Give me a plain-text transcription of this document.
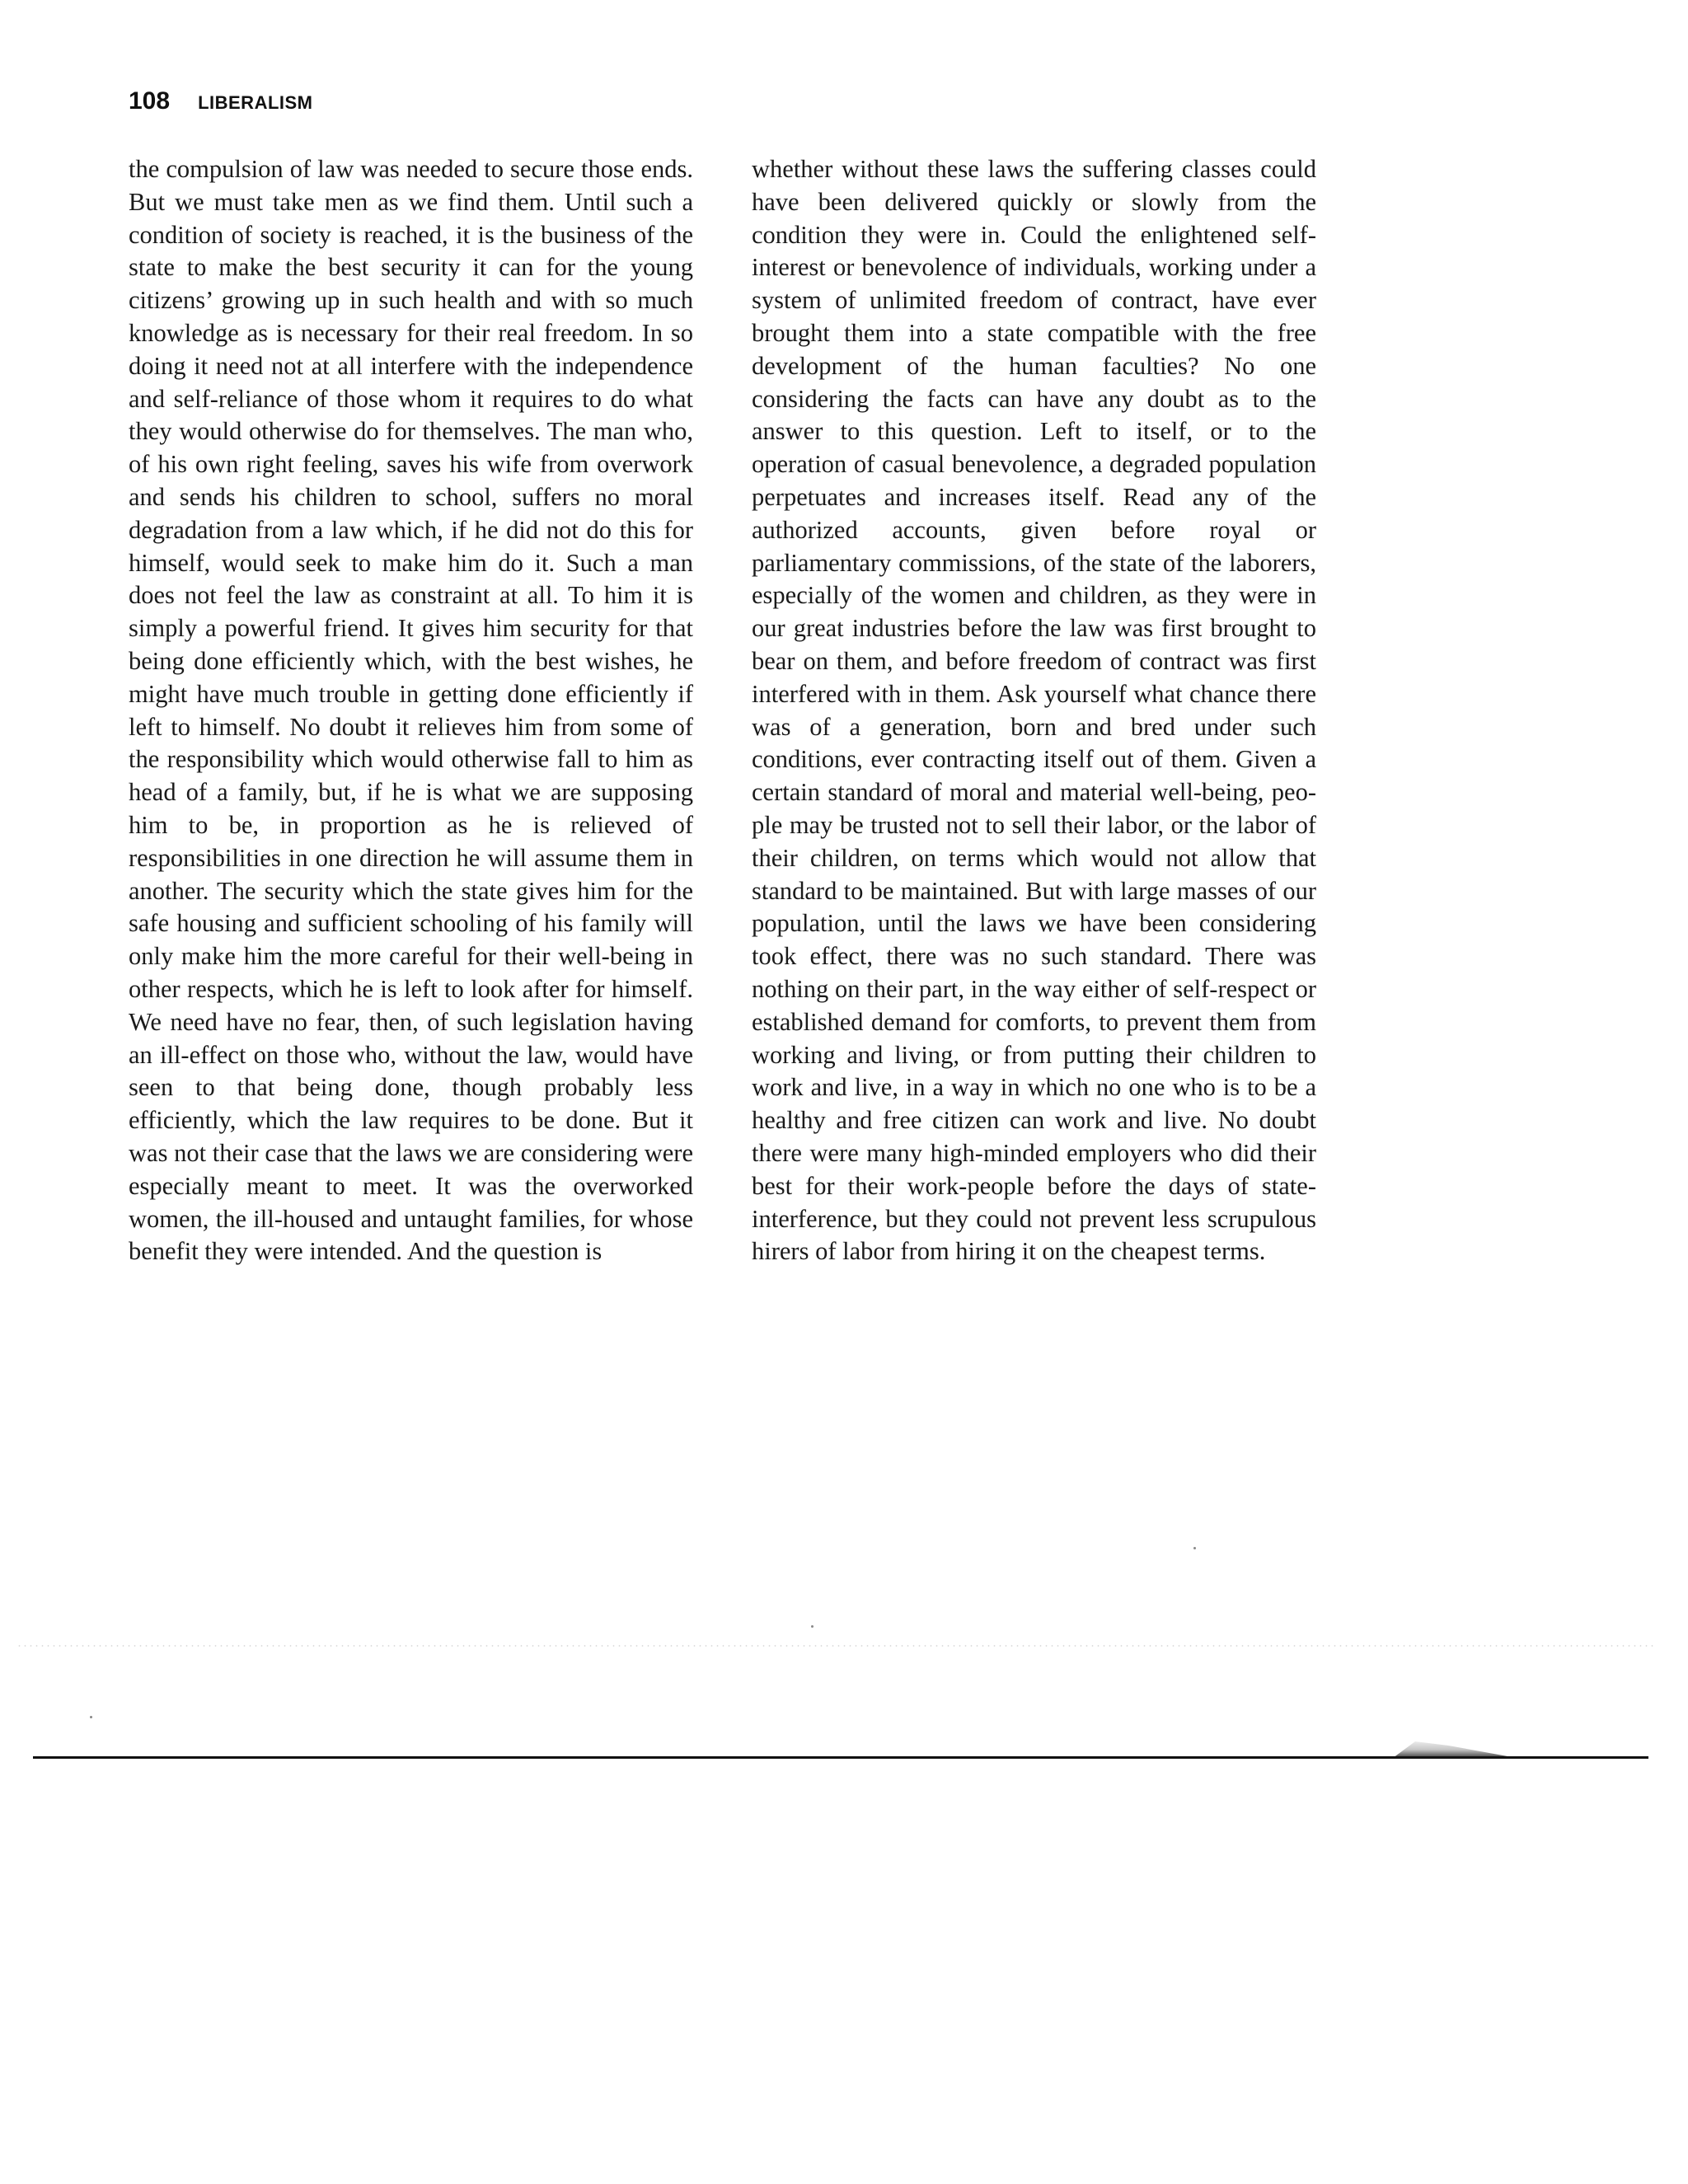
108 LIBERALISM

the compulsion of law was needed to secure those ends. But we must take men as we find them. Until such a condition of society is reached, it is the business of the state to make the best security it can for the young citizens’ growing up in such health and with so much knowledge as is necessary for their real freedom. In so doing it need not at all interfere with the independence and self-reliance of those whom it requires to do what they would otherwise do for themselves. The man who, of his own right feeling, saves his wife from overwork and sends his children to school, suffers no moral degradation from a law which, if he did not do this for himself, would seek to make him do it. Such a man does not feel the law as constraint at all. To him it is simply a powerful friend. It gives him security for that being done efficiently which, with the best wishes, he might have much trouble in getting done efficiently if left to himself. No doubt it relieves him from some of the responsibility which would otherwise fall to him as head of a family, but, if he is what we are supposing him to be, in proportion as he is relieved of responsibilities in one direction he will assume them in another. The security which the state gives him for the safe housing and sufficient schooling of his family will only make him the more careful for their well-being in other respects, which he is left to look after for himself. We need have no fear, then, of such legislation having an ill-effect on those who, without the law, would have seen to that being done, though probably less efficiently, which the law requires to be done. But it was not their case that the laws we are considering were especially meant to meet. It was the overworked women, the ill-housed and untaught families, for whose benefit they were intended. And the question is

whether without these laws the suffering classes could have been delivered quickly or slowly from the condition they were in. Could the enlightened self-interest or benevolence of individuals, working under a system of unlimited freedom of contract, have ever brought them into a state compatible with the free development of the human faculties? No one considering the facts can have any doubt as to the answer to this question. Left to itself, or to the operation of casual benevolence, a degraded population perpetuates and increases itself. Read any of the authorized accounts, given before royal or parliamentary commissions, of the state of the laborers, especially of the women and children, as they were in our great industries before the law was first brought to bear on them, and before freedom of contract was first interfered with in them. Ask yourself what chance there was of a generation, born and bred under such conditions, ever contracting itself out of them. Given a certain standard of moral and material well-being, people may be trusted not to sell their labor, or the labor of their children, on terms which would not allow that standard to be maintained. But with large masses of our population, until the laws we have been considering took effect, there was no such standard. There was nothing on their part, in the way either of self-respect or established demand for comforts, to prevent them from working and living, or from putting their children to work and live, in a way in which no one who is to be a healthy and free citizen can work and live. No doubt there were many high-minded employers who did their best for their work-people before the days of stateinterference, but they could not prevent less scrupulous hirers of labor from hiring it on the cheapest terms.
